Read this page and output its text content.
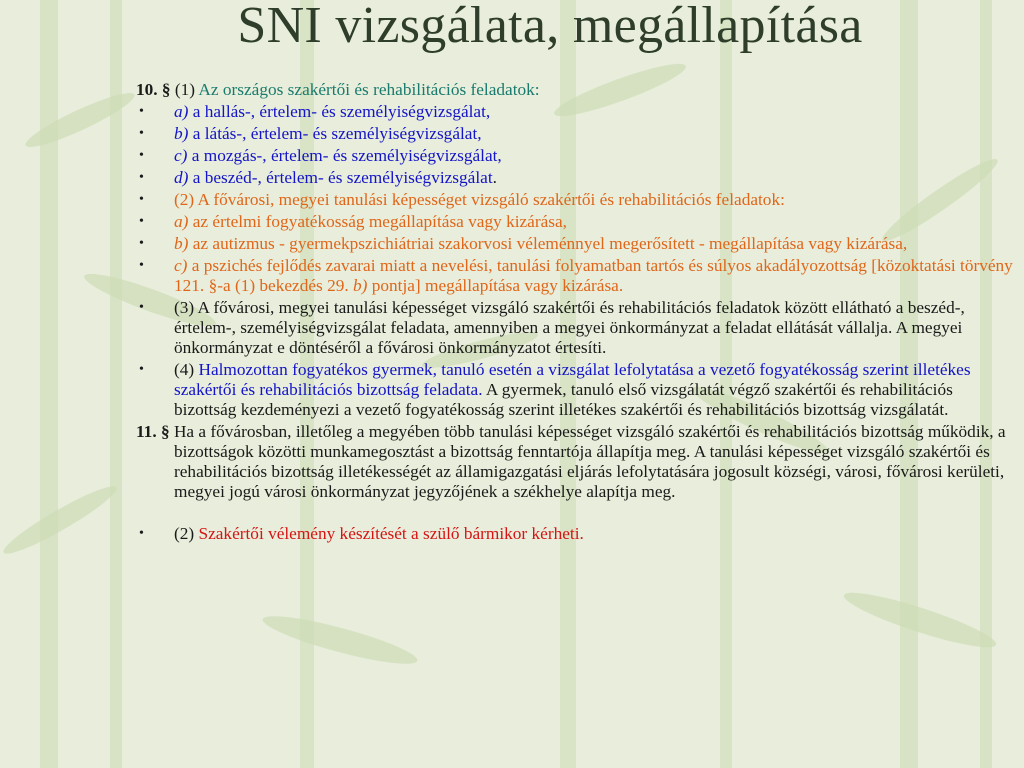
SNI vizsgálata, megállapítása
10. § (1) Az országos szakértői és rehabilitációs feladatok:
• a) a hallás-, értelem- és személyiségvizsgálat,
• b) a látás-, értelem- és személyiségvizsgálat,
• c) a mozgás-, értelem- és személyiségvizsgálat,
• d) a beszéd-, értelem- és személyiségvizsgálat.
• (2) A fővárosi, megyei tanulási képességet vizsgáló szakértői és rehabilitációs feladatok:
• a) az értelmi fogyatékosság megállapítása vagy kizárása,
• b) az autizmus - gyermekpszichiátriai szakorvosi véleménnyel megerősített - megállapítása vagy kizárása,
• c) a pszichés fejlődés zavarai miatt a nevelési, tanulási folyamatban tartós és súlyos akadályozottság [közoktatási törvény 121. §-a (1) bekezdés 29. b) pontja] megállapítása vagy kizárása.
• (3) A fővárosi, megyei tanulási képességet vizsgáló szakértői és rehabilitációs feladatok között ellátható a beszéd-, értelem-, személyiségvizsgálat feladata, amennyiben a megyei önkormányzat a feladat ellátását vállalja. A megyei önkormányzat e döntéséről a fővárosi önkormányzatot értesíti.
• (4) Halmozottan fogyatékos gyermek, tanuló esetén a vizsgálat lefolytatása a vezető fogyatékosság szerint illetékes szakértői és rehabilitációs bizottság feladata. A gyermek, tanuló első vizsgálatát végző szakértői és rehabilitációs bizottság kezdeményezi a vezető fogyatékosság szerint illetékes szakértői és rehabilitációs bizottság vizsgálatát.
11. § Ha a fővárosban, illetőleg a megyében több tanulási képességet vizsgáló szakértői és rehabilitációs bizottság működik, a bizottságok közötti munkamegosztást a bizottság fenntartója állapítja meg. A tanulási képességet vizsgáló szakértői és rehabilitációs bizottság illetékességét az államigazgatási eljárás lefolytatására jogosult községi, városi, fővárosi kerületi, megyei jogú városi önkormányzat jegyzőjének a székhelye alapítja meg.
• (2) Szakértői vélemény készítését a szülő bármikor kérheti.
